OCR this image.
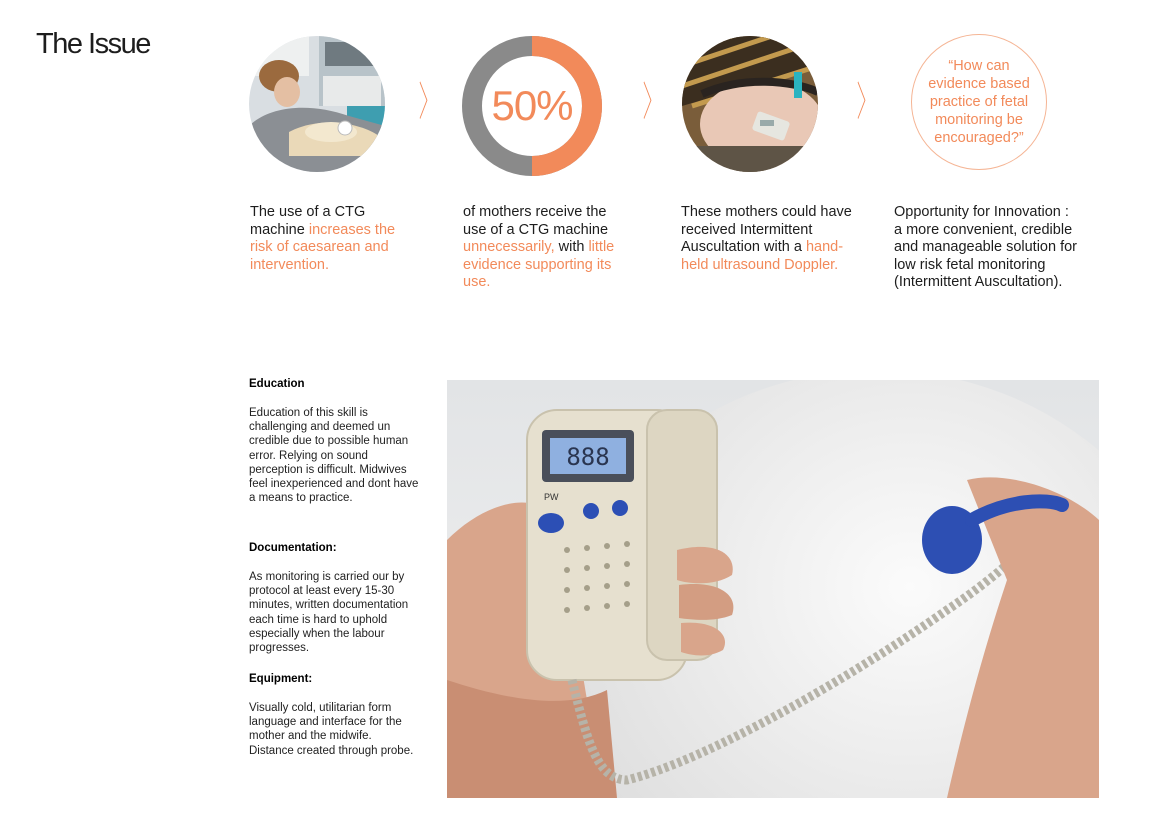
The Issue
〉
The use of a CTG machine increases the risk of caesarean and intervention.
50%	〉
of mothers receive the use of a CTG machine unnecessarily, with little evidence supporting its use.
〉
These mothers could have received Intermittent Auscultation with a hand-held ultrasound Doppler.
“How can evidence based practice of fetal monitoring be encouraged?”
Opportunity for Innovation : a more convenient, credible and manageable solution for low risk fetal monitoring (Intermittent Auscultation).
Education
Education of this skill is challenging and deemed un credible due to possible human error. Relying on sound perception is difficult. Midwives feel inexperienced and dont have a means to practice.
Documentation:
As monitoring is carried our by protocol at least every 15-30 minutes, written documentation each time is hard to uphold especially when the labour progresses.
Equipment:
Visually cold, utilitarian form language and interface for the mother and the midwife. Distance created through probe.
888
PW
